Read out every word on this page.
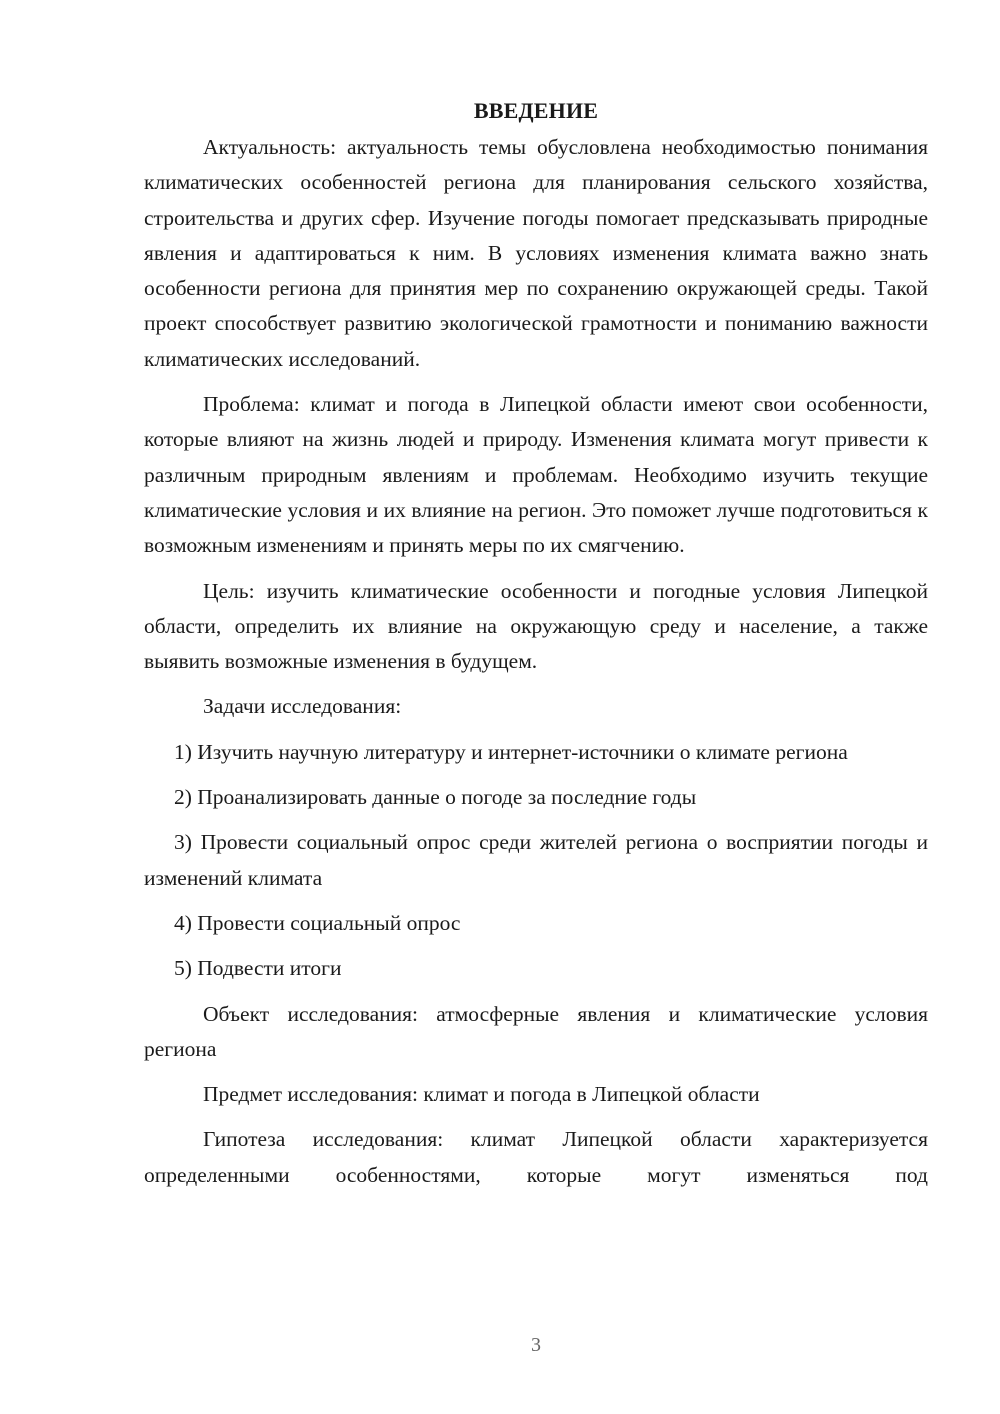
ВВЕДЕНИЕ

Актуальность: актуальность темы обусловлена необходимостью понимания климатических особенностей региона для планирования сельского хозяйства, строительства и других сфер. Изучение погоды помогает предсказывать природные явления и адаптироваться к ним. В условиях изменения климата важно знать особенности региона для принятия мер по сохранению окружающей среды. Такой проект способствует развитию экологической грамотности и пониманию важности климатических исследований.

Проблема: климат и погода в Липецкой области имеют свои особенности, которые влияют на жизнь людей и природу. Изменения климата могут привести к различным природным явлениям и проблемам. Необходимо изучить текущие климатические условия и их влияние на регион. Это поможет лучше подготовиться к возможным изменениям и принять меры по их смягчению.

Цель: изучить климатические особенности и погодные условия Липецкой области, определить их влияние на окружающую среду и население, а также выявить возможные изменения в будущем.

Задачи исследования:

1) Изучить научную литературу и интернет-источники о климате региона

2) Проанализировать данные о погоде за последние годы

3) Провести социальный опрос среди жителей региона о восприятии погоды и изменений климата

4) Провести социальный опрос

5) Подвести итоги

Объект исследования: атмосферные явления и климатические условия региона

Предмет исследования: климат и погода в Липецкой области

Гипотеза исследования: климат Липецкой области характеризуется определенными особенностями, которые могут изменяться под

3
